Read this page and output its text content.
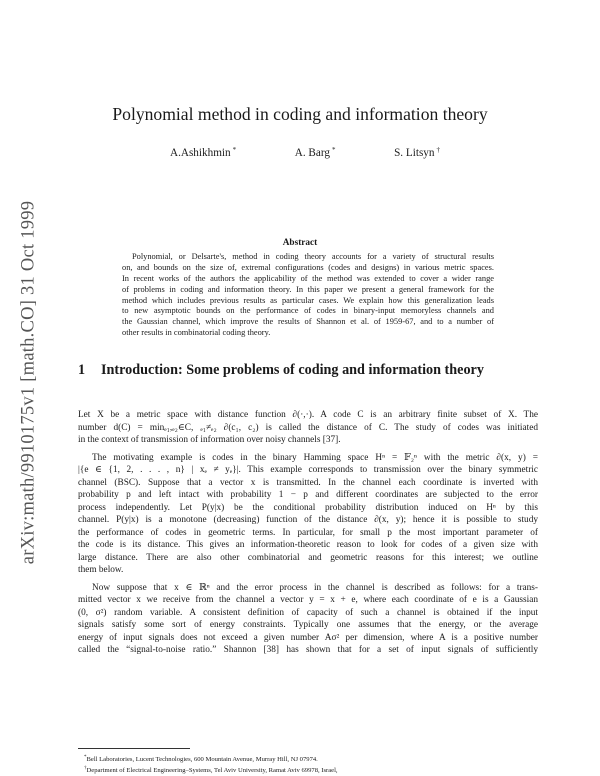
arXiv:math/9910175v1 [math.CO] 31 Oct 1999
Polynomial method in coding and information theory
A.Ashikhmin *	A. Barg *	S. Litsyn †
Abstract
Polynomial, or Delsarte's, method in coding theory accounts for a variety of structural results
on, and bounds on the size of, extremal configurations (codes and designs) in various metric spaces.
In recent works of the authors the applicability of the method was extended to cover a wider range
of problems in coding and information theory. In this paper we present a general framework for the
method which includes previous results as particular cases. We explain how this generalization leads
to new asymptotic bounds on the performance of codes in binary-input memoryless channels and
the Gaussian channel, which improve the results of Shannon et al. of 1959-67, and to a number of
other results in combinatorial coding theory.
1 Introduction: Some problems of coding and information theory
Let X be a metric space with distance function ∂(·,·). A code C is an arbitrary finite subset of X. The
number d(C) = minₑ₁,ₑ₂∈C, ₑ₁≠ₑ₂ ∂(c₁, c₂) is called the distance of C. The study of codes was initiated
in the context of transmission of information over noisy channels [37].
The motivating example is codes in the binary Hamming space Hⁿ = 𝔽₂ⁿ with the metric ∂(x, y) =
|{e ∈ {1, 2, . . . , n} | xₑ ≠ yₑ}|. This example corresponds to transmission over the binary symmetric
channel (BSC). Suppose that a vector x is transmitted. In the channel each coordinate is inverted with
probability p and left intact with probability 1 − p and different coordinates are subjected to the error
process independently. Let P(y|x) be the conditional probability distribution induced on Hⁿ by this
channel. P(y|x) is a monotone (decreasing) function of the distance ∂(x, y); hence it is possible to study
the performance of codes in geometric terms. In particular, for small p the most important parameter of
the code is its distance. This gives an information-theoretic reason to look for codes of a given size with
large distance. There are also other combinatorial and geometric reasons for this interest; we outline
them below.
Now suppose that x ∈ ℝⁿ and the error process in the channel is described as follows: for a trans-
mitted vector x we receive from the channel a vector y = x + e, where each coordinate of e is a Gaussian
(0, σ²) random variable. A consistent definition of capacity of such a channel is obtained if the input
signals satisfy some sort of energy constraints. Typically one assumes that the energy, or the average
energy of input signals does not exceed a given number Aσ² per dimension, where A is a positive number
called the “signal-to-noise ratio.” Shannon [38] has shown that for a set of input signals of sufficiently
*Bell Laboratories, Lucent Technologies, 600 Mountain Avenue, Murray Hill, NJ 07974.
†Department of Electrical Engineering–Systems, Tel Aviv University, Ramat Aviv 69978, Israel,
